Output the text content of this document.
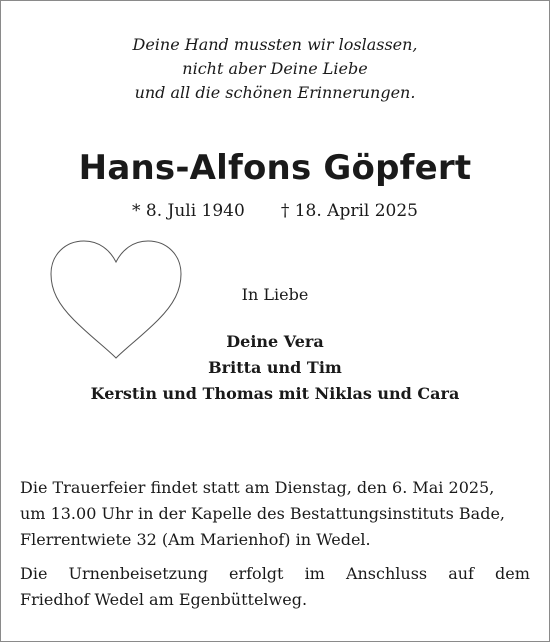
Deine Hand mussten wir loslassen,
nicht aber Deine Liebe
und all die schönen Erinnerungen.
Hans-Alfons Göpfert
* 8. Juli 1940 † 18. April 2025
In Liebe
Deine Vera
Britta und Tim
Kerstin und Thomas mit Niklas und Cara
Die Trauerfeier findet statt am Dienstag, den 6. Mai 2025,
um 13.00 Uhr in der Kapelle des Bestattungsinstituts Bade,
Flerrentwiete 32 (Am Marienhof) in Wedel.
Die Urnenbeisetzung erfolgt im Anschluss auf dem
Friedhof Wedel am Egenbüttelweg.
